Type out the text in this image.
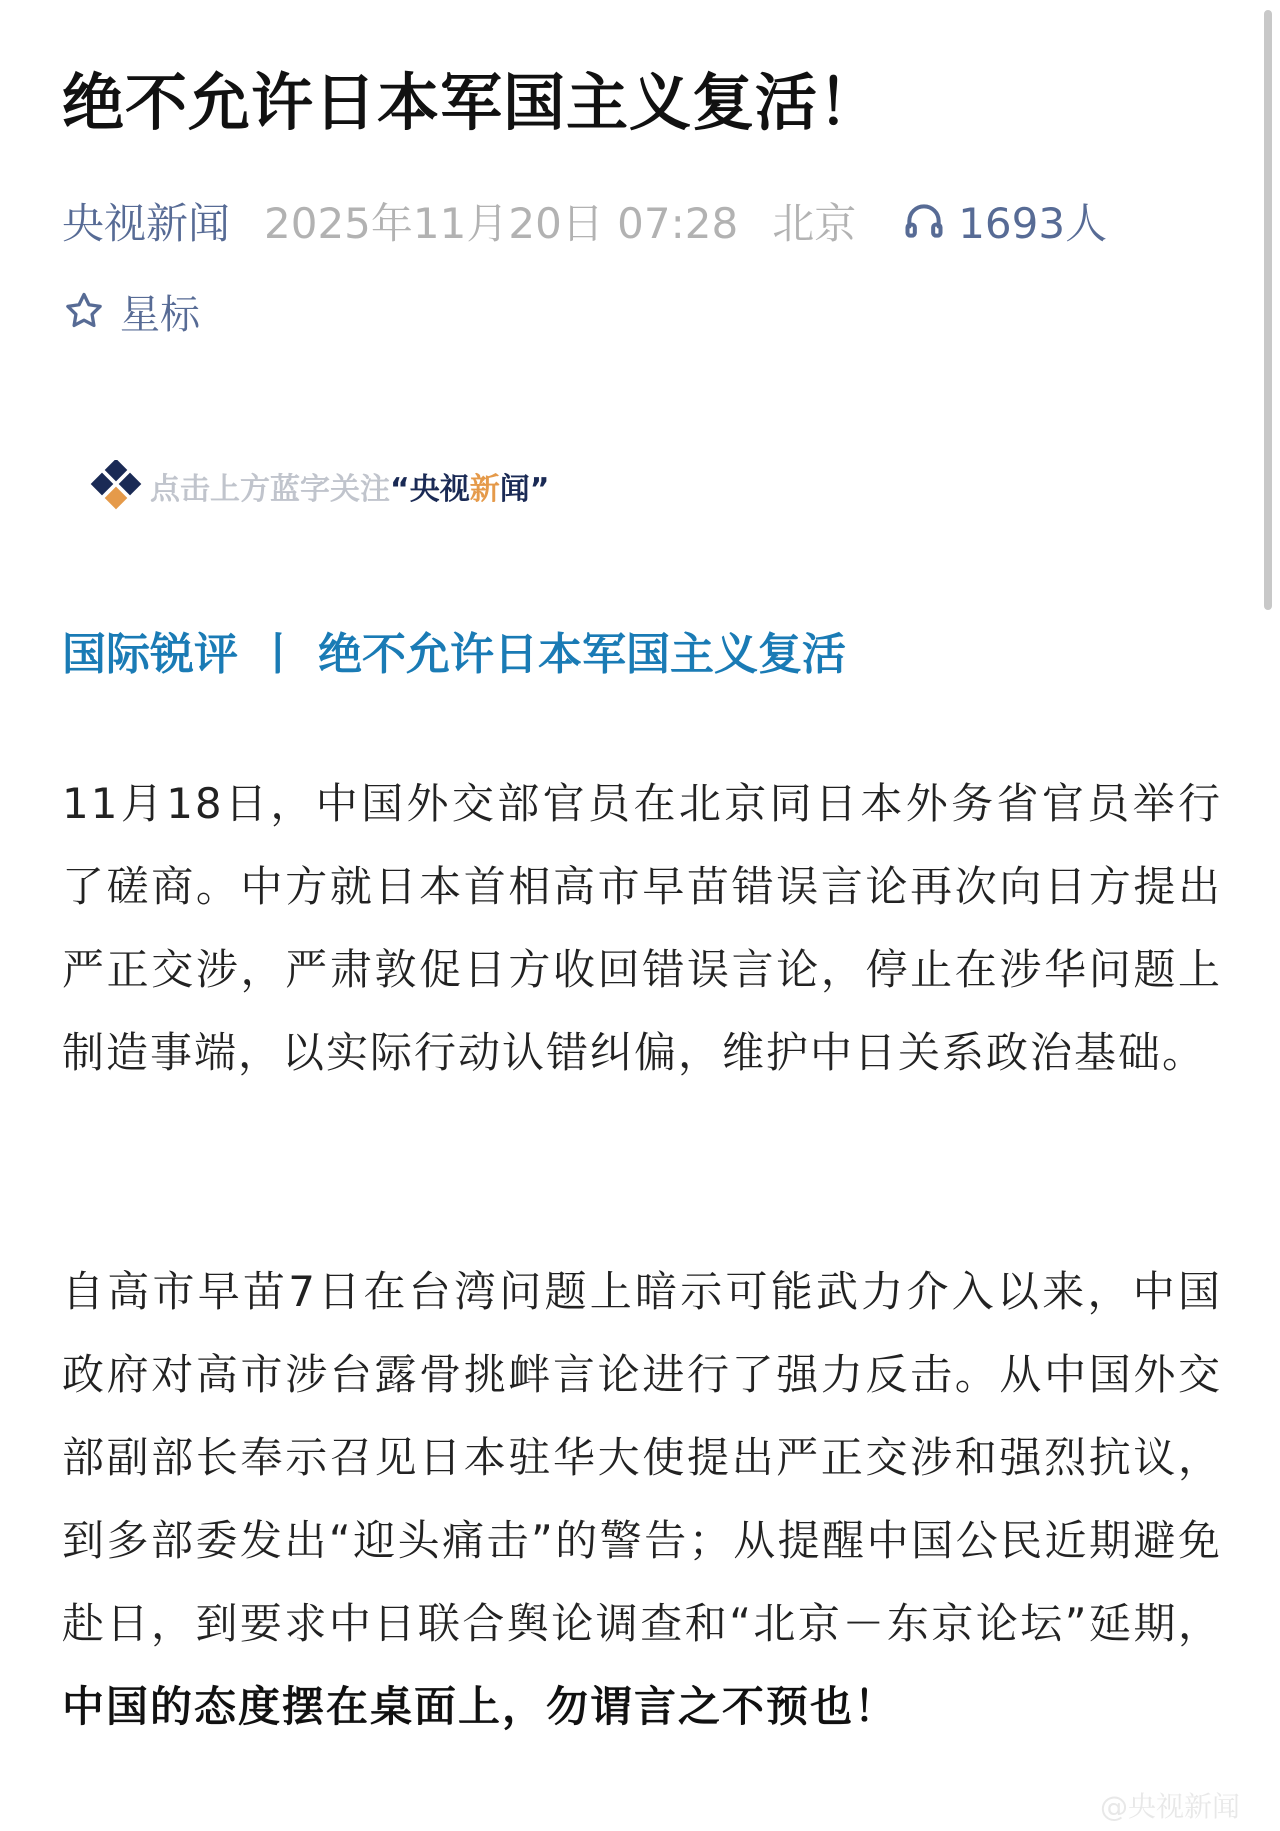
绝不允许日本军国主义复活！
央视新闻 2025年11月20日 07:28 北京 1693人
星标
点击上方蓝字关注 “央视 新 闻”
国际锐评 丨 绝不允许日本军国主义复活

11月18日，中国外交部官员在北京同日本外务省官员举行了磋商。中方就日本首相高市早苗错误言论再次向日方提出严正交涉，严肃敦促日方收回错误言论，停止在涉华问题上制造事端，以实际行动认错纠偏，维护中日关系政治基础。

自高市早苗7日在台湾问题上暗示可能武力介入以来，中国政府对高市涉台露骨挑衅言论进行了强力反击。从中国外交部副部长奉示召见日本驻华大使提出严正交涉和强烈抗议，到多部委发出“迎头痛击”的警告；从提醒中国公民近期避免赴日，到要求中日联合舆论调查和“北京－东京论坛”延期，中国的态度摆在桌面上，勿谓言之不预也！

@央视新闻
